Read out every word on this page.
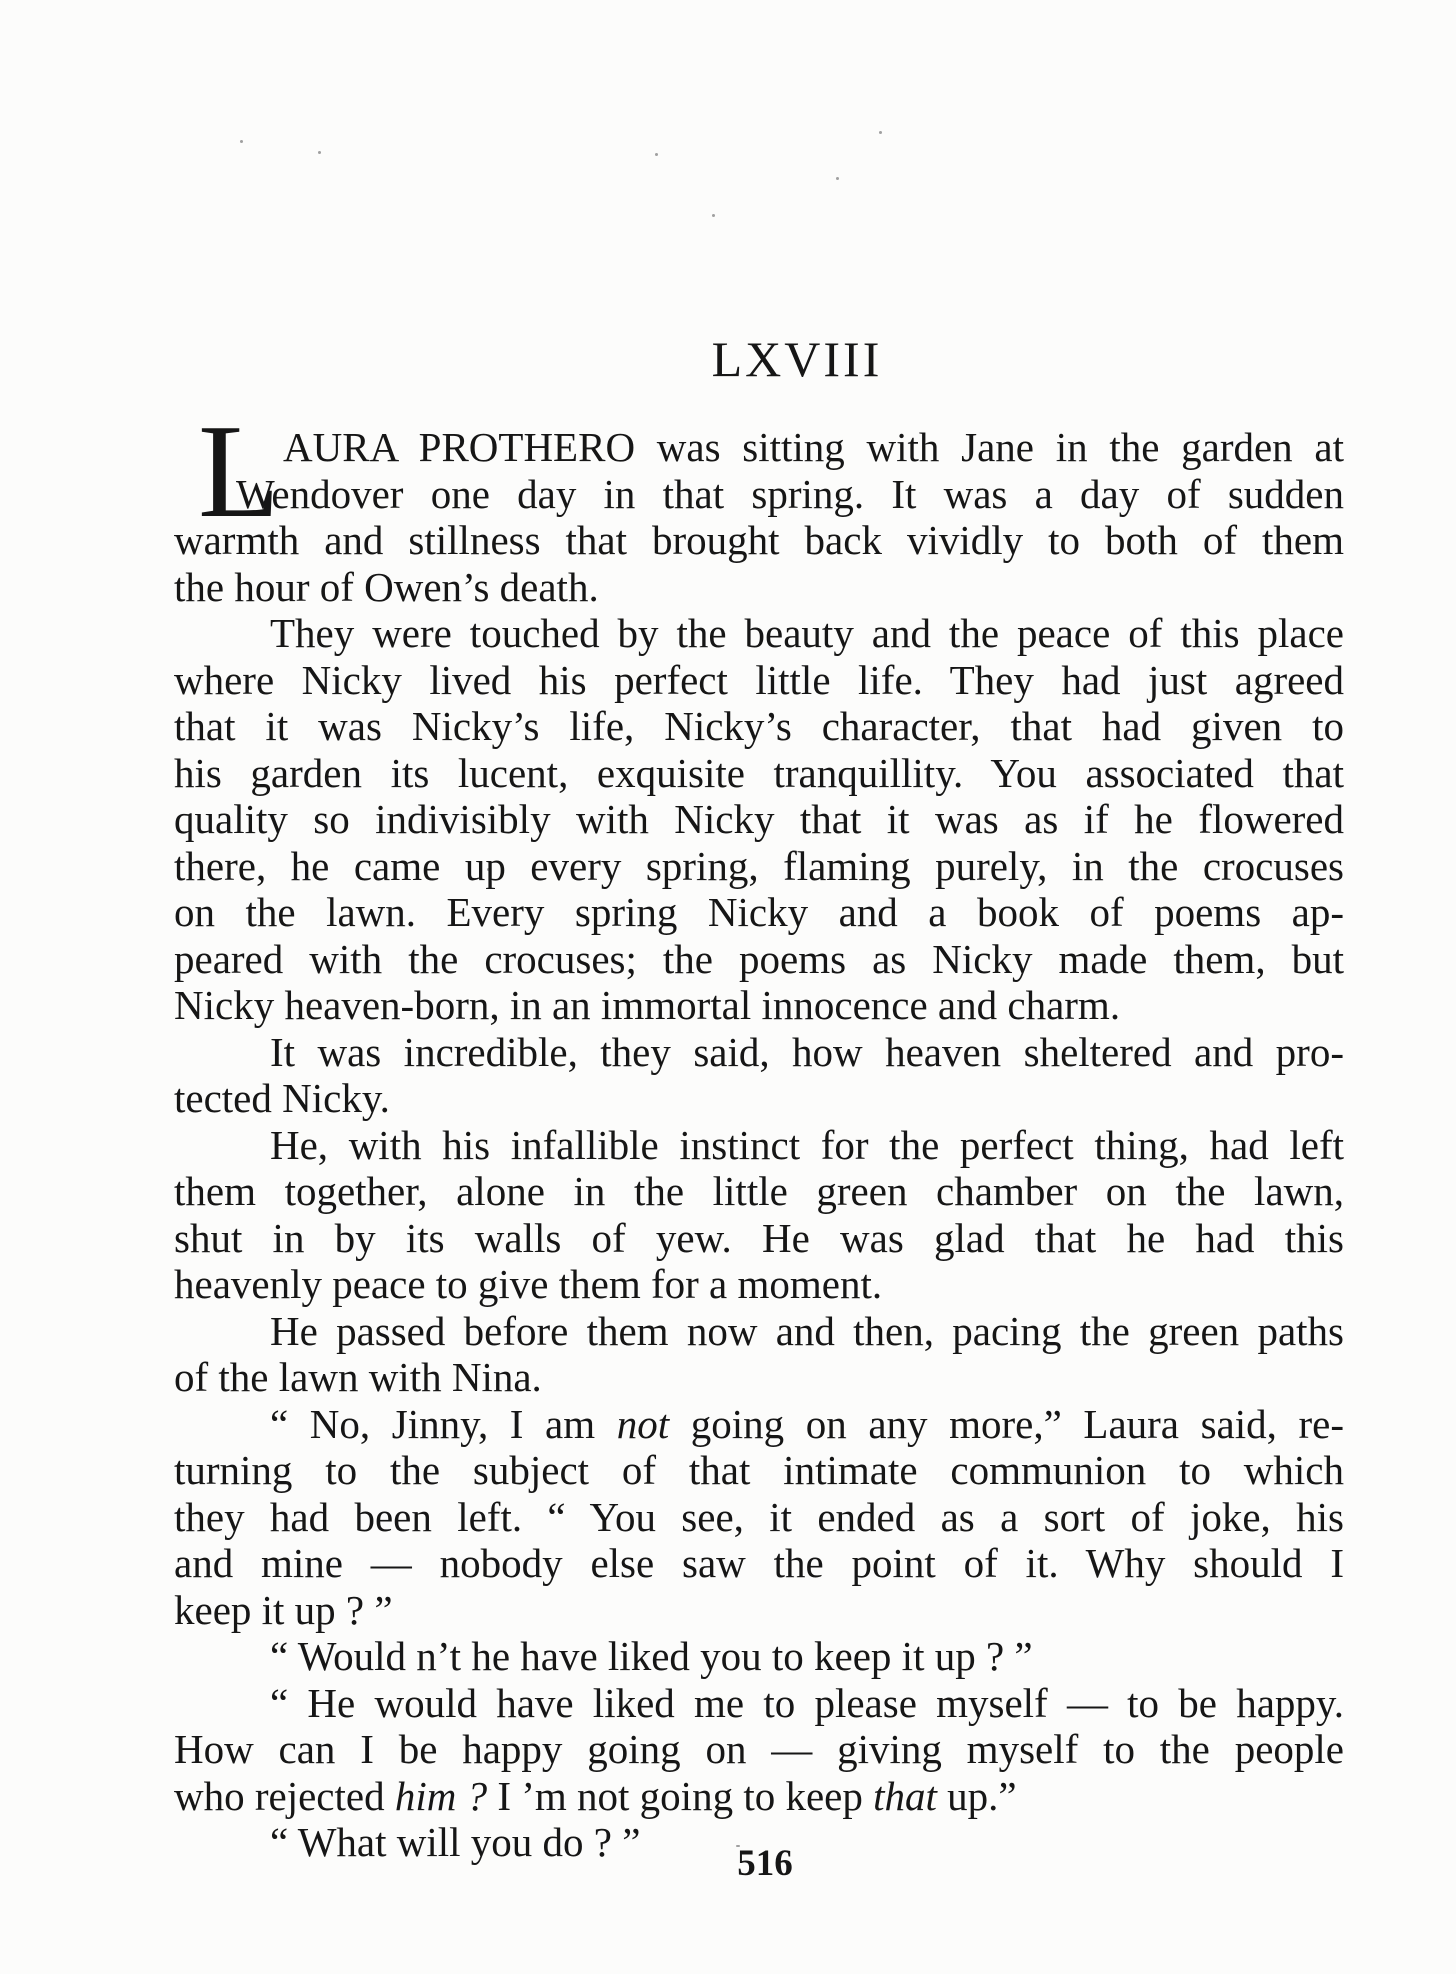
LXVIII
L AURA PROTHERO was sitting with Jane in the garden at
Wendover one day in that spring. It was a day of sudden
warmth and stillness that brought back vividly to both of them
the hour of Owen’s death.
They were touched by the beauty and the peace of this place
where Nicky lived his perfect little life. They had just agreed
that it was Nicky’s life, Nicky’s character, that had given to
his garden its lucent, exquisite tranquillity. You associated that
quality so indivisibly with Nicky that it was as if he flowered
there, he came up every spring, flaming purely, in the crocuses
on the lawn. Every spring Nicky and a book of poems ap-
peared with the crocuses; the poems as Nicky made them, but
Nicky heaven-born, in an immortal innocence and charm.
It was incredible, they said, how heaven sheltered and pro-
tected Nicky.
He, with his infallible instinct for the perfect thing, had left
them together, alone in the little green chamber on the lawn,
shut in by its walls of yew. He was glad that he had this
heavenly peace to give them for a moment.
He passed before them now and then, pacing the green paths
of the lawn with Nina.
“ No, Jinny, I am not going on any more,” Laura said, re-
turning to the subject of that intimate communion to which
they had been left. “ You see, it ended as a sort of joke, his
and mine — nobody else saw the point of it. Why should I
keep it up ? ”
“ Would n’t he have liked you to keep it up ? ”
“ He would have liked me to please myself — to be happy.
How can I be happy going on — giving myself to the people
who rejected him ? I ’m not going to keep that up.”
“ What will you do ? ”	516
